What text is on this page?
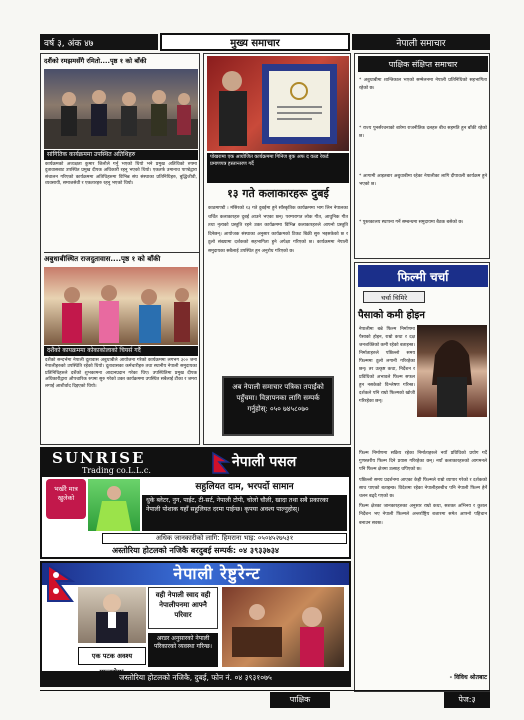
वर्ष ३, अंक ४७	मुख्य समाचार	नेपाली समाचार
दशैंको रमझमसँगै रमितो....पृष्ठ १ को बाँकी
सांगितिक कार्यक्रममा उपस्थित अतिथिहरु
कार्यक्रमको अध्यक्षता कुमार जिलौले गर्नु भएको थियो भने प्रमुख अतिथिको रुपमा दुतावासबाट उपस्थित प्रमुख दीपक अधिकारी रहनु भएको थियो। एकतर्फ उमानाथ पाण्डेद्वारा संचालन गरिएको कार्यक्रममा अतिथिहरुमा विभिन्न संघ संस्थाका प्रतिनिधिहरु, बुद्धिजीवी, व्यवसायी, समाजसेवी र एकतारहरु रहनु भएको थियो।
अबुधाबीस्थित राजदुतावास....पृष्ठ १ को बाँकी
दशैंको कायक्रममा कोकाकोलाको चियर्स गर्दै
दशैंको सन्दर्भमा नेपाली दूतावास अबुधाबीले आयोजना गरेको कार्यक्रममा लगभग ३०० जना नेपालीहरुको उपस्थिति रहेको थियो। दूतावासका कर्मचारीहरु तथा स्थानीय नेपाली समुदायका प्रतिनिधिहरुले दशैंको शुभकामना आदानप्रदान गरेका थिए। उपस्थितिमा प्रमुख दीपक अधिकारीद्वारा औपचारिक रुपमा सुरु गरेको उक्त कार्यक्रममा उपस्थित सबैलाई टीका र जमरा लगाई आशीर्वाद दिइएको थियो।
पोखरामा एक आयोजित कार्यक्रममा गिनिज बुक अफ द वल्र्ड रेकर्ड प्रमाणपत्र हस्तान्तरण गर्दै
१३ गते कलाकारहरू दुबई
काठमाण्डौ । मंसिरको १३ गते दुबईमा हुने साँस्कृतिक कार्यक्रममा भाग लिन नेपालका चर्चित कलाकारहरु दुबई आउने भएका छन्। परम्परागत लोक गीत, आधुनिक गीत तथा नृत्यको प्रस्तुति रहने उक्त कार्यक्रममा विभिन्न कलाकारहरुले आफ्नो प्रस्तुति दिनेछन्। आयोजक संस्थाका अनुसार कार्यक्रमको टिकट बिक्री सुरु भइसकेको छ र ठूलो संख्यामा दर्शकको सहभागिता हुने अपेक्षा गरिएको छ। कार्यक्रममा नेपाली समुदायका सबैलाई उपस्थित हुन अनुरोध गरिएको छ।
अब नेपाली समाचार पत्रिका तपाईंको पहुँचमा। विज्ञापनका लागि सम्पर्क गर्नुहोस्: ०५० ७४५८०७०
पाक्षिक संक्षिप्त समाचार
* अबुधाबीमा शान्तिकाल भएको सम्मेलनमा नेपाली प्रतिनिधिको सहभागिता रहेको छ।
* राज्य पुनर्संरचनाको बारेमा राजनीतिक दलहरु बीच सहमति हुन बाँकी रहेको छ।
* आगामी आइतबार अबुधाबीमा रहेका नेपालीका लागि दीपावली कार्यक्रम हुने भएको छ।
* पुस्तकालय स्थापना गर्ने सम्बन्धमा समुदायमा बैठक बसेको छ।
फिल्मी चर्चा
चर्चा चिमिरे
पैसाको कमी होइन
नेपालीमा बन्ने फिल्म निर्माणमा पैसाको होइन, राम्रो कथा र दक्ष जनशक्तिको कमी रहेको बताइन्छ। निर्माताहरुले पछिल्लो समय फिल्ममा ठूलो लगानी गरिरहेका छन्। तर उत्कृष्ट कथा, निर्देशन र प्रविधिको अभावले फिल्म सफल हुन नसकेको विश्लेषण गरिन्छ। दर्शकले पनि राम्रो फिल्मको खोजी गरिरहेका छन्।

फिल्म निर्माणमा सक्रिय रहेका निर्माताहरुले नयाँ प्रविधिको प्रयोग गर्दै गुणस्तरीय फिल्म दिने प्रयास गरिरहेका छन्। नयाँ कलाकारहरुको आगमनले पनि फिल्म क्षेत्रमा उत्साह थपिएको छ।

पछिल्लो समय प्रदर्शनमा आएका केही फिल्मले राम्रो व्यापार गरेको र दर्शकको साथ पाएको बताइन्छ। विदेशमा रहेका नेपालीहरुबीच पनि नेपाली फिल्म हेर्ने चलन बढ्दै गएको छ।

फिल्म क्षेत्रका जानकारहरुका अनुसार राम्रो कथा, सशक्त अभिनय र कुशल निर्देशन भए नेपाली फिल्मले अन्तर्राष्ट्रिय बजारमा समेत आफ्नो पहिचान बनाउन सक्छ।

- विविध श्रोतबाट
SUNRISE
Trading co.L.L.c.
नेपाली पसल
सहुलियत दाम, भरपर्दो सामान
धुके ब्लेटर, नुन, पाईट, टी-सर्ट, नेपाली टोपी, चोलो चौली, खादा तथा सबै प्रकारका नेपाली पोशाक यहाँ सहुलियत दरमा पाईन्छ। कृपया अवश्य पाल्नुहोस्।
भर्खरै मात्र खुलेको
अधिक जानकारीको लागि: हिमराना भाइ: ०५०४५२७५३१
अस्तोरिया होटलको नजिकै बरदुबई सम्पर्क: ०४ ३९३३७३४
नेपाली रेष्टुरेन्ट
वही नेपाली स्वाद वही नेपालीपनमा आफ्नै परिवार
अरडर अनुसारको नेपाली परिकारको व्यवस्था गरिन्छ।
एक पटक अवश्य
जस्तोरिया होटलको नजिकै, दुबई, फोन नं. ०४ ३९३१०७५
पाक्षिक	पेज:३
